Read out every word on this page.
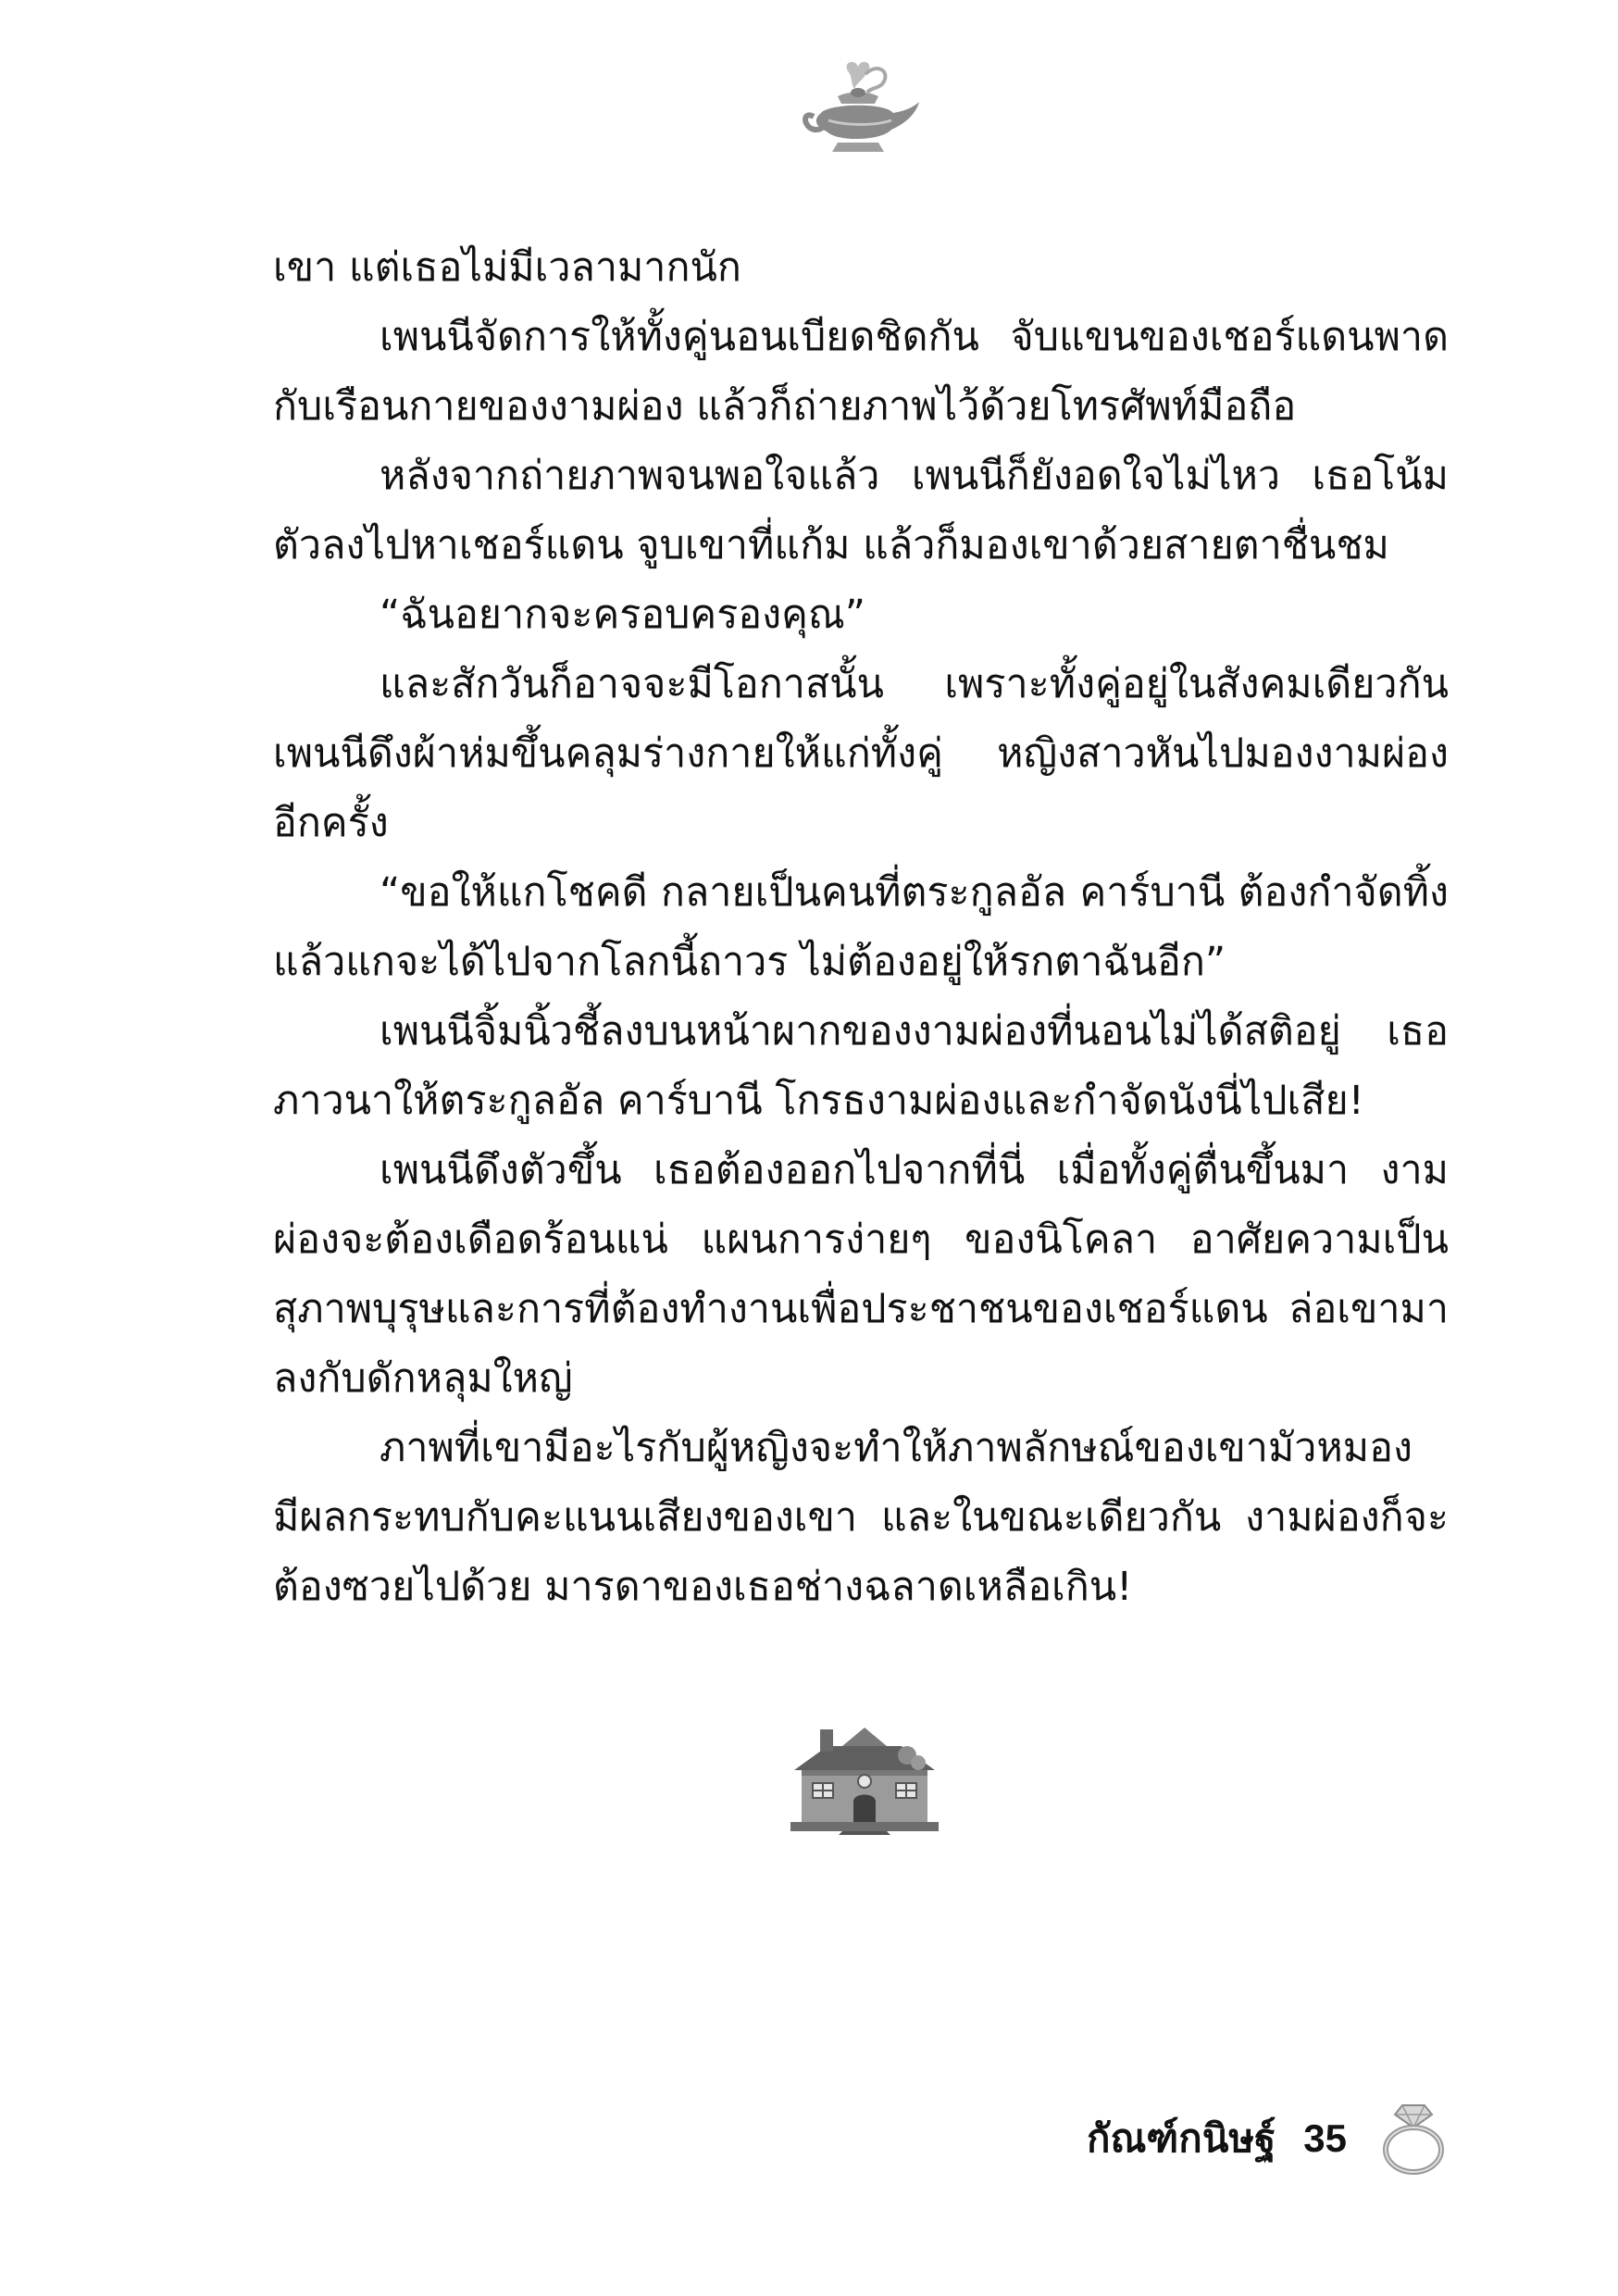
เขา แต่เธอไม่มีเวลามากนัก

เพนนีจัดการให้ทั้งคู่นอนเบียดชิดกัน จับแขนของเชอร์แดนพาดกับเรือนกายของงามผ่อง แล้วก็ถ่ายภาพไว้ด้วยโทรศัพท์มือถือ

หลังจากถ่ายภาพจนพอใจแล้ว เพนนีก็ยังอดใจไม่ไหว เธอโน้มตัวลงไปหาเชอร์แดน จูบเขาที่แก้ม แล้วก็มองเขาด้วยสายตาชื่นชม

“ฉันอยากจะครอบครองคุณ”

และสักวันก็อาจจะมีโอกาสนั้น เพราะทั้งคู่อยู่ในสังคมเดียวกัน เพนนีดึงผ้าห่มขึ้นคลุมร่างกายให้แก่ทั้งคู่ หญิงสาวหันไปมองงามผ่องอีกครั้ง

“ขอให้แกโชคดี กลายเป็นคนที่ตระกูลอัล คาร์บานี ต้องกำจัดทิ้ง แล้วแกจะได้ไปจากโลกนี้ถาวร ไม่ต้องอยู่ให้รกตาฉันอีก”

เพนนีจิ้มนิ้วชี้ลงบนหน้าผากของงามผ่องที่นอนไม่ได้สติอยู่ เธอภาวนาให้ตระกูลอัล คาร์บานี โกรธงามผ่องและกำจัดนังนี่ไปเสีย!

เพนนีดึงตัวขึ้น เธอต้องออกไปจากที่นี่ เมื่อทั้งคู่ตื่นขึ้นมา งามผ่องจะต้องเดือดร้อนแน่ แผนการง่ายๆ ของนิโคลา อาศัยความเป็นสุภาพบุรุษและการที่ต้องทำงานเพื่อประชาชนของเชอร์แดน ล่อเขามาลงกับดักหลุมใหญ่

ภาพที่เขามีอะไรกับผู้หญิงจะทำให้ภาพลักษณ์ของเขามัวหมอง มีผลกระทบกับคะแนนเสียงของเขา และในขณะเดียวกัน งามผ่องก็จะต้องซวยไปด้วย มารดาของเธอช่างฉลาดเหลือเกิน!

กัณฑ์กนิษฐ์ 35
